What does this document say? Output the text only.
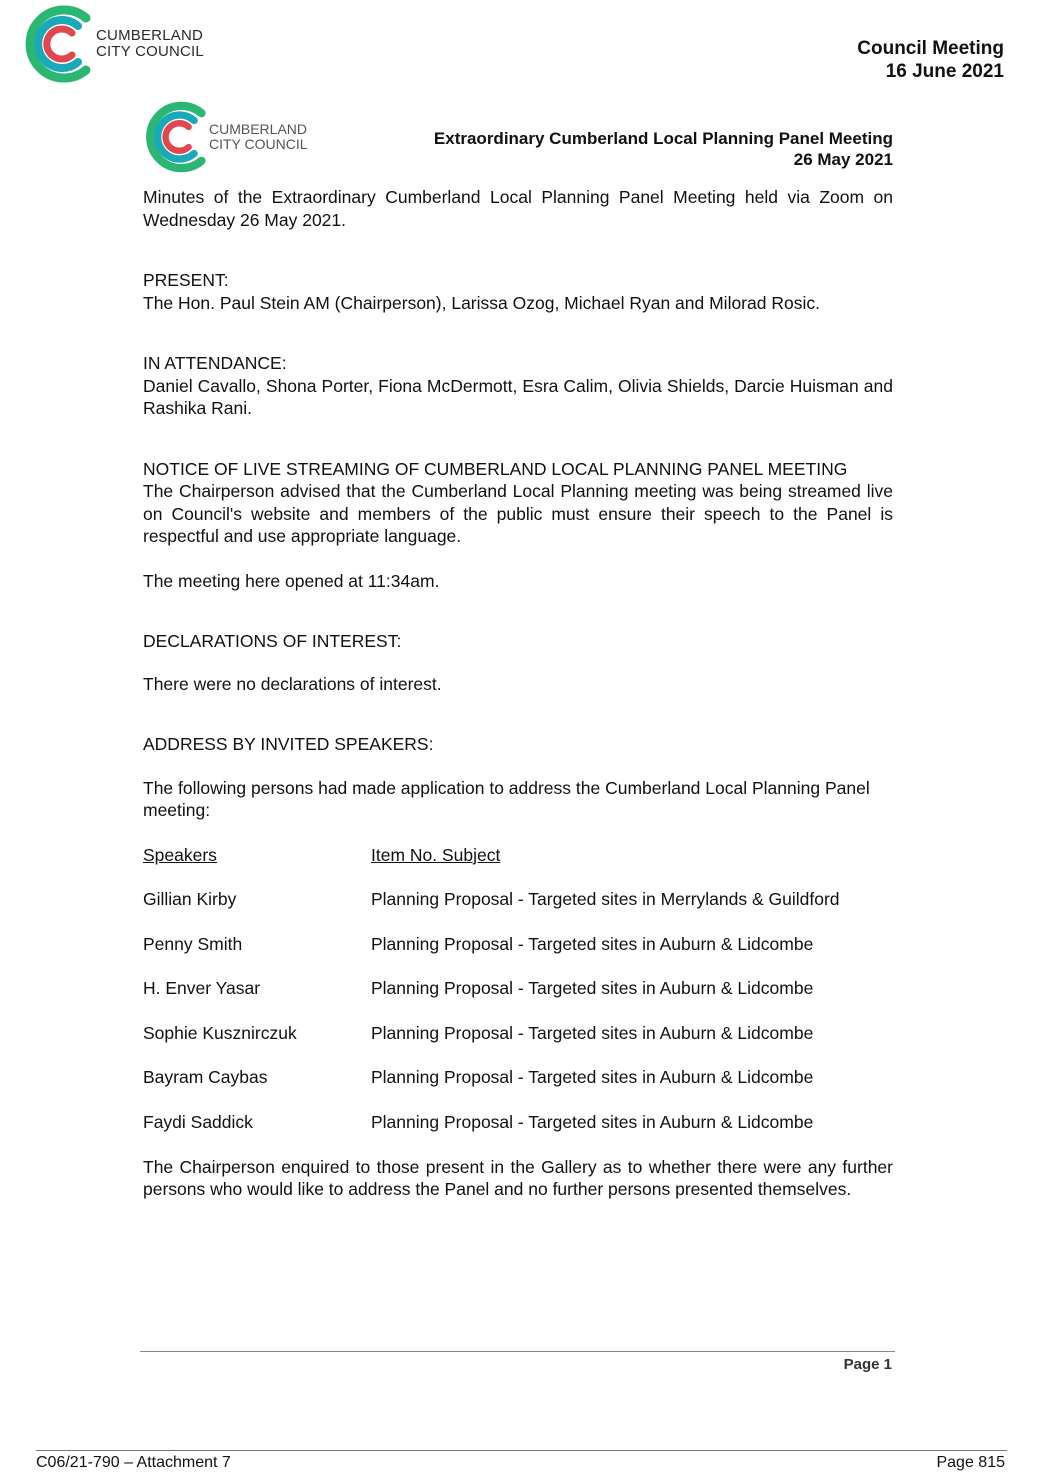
CUMBERLAND
CITY COUNCIL	Council Meeting
16 June 2021
CUMBERLAND
CITY COUNCIL	Extraordinary Cumberland Local Planning Panel Meeting
26 May 2021

Minutes of the Extraordinary Cumberland Local Planning Panel Meeting held via Zoom on Wednesday 26 May 2021.

PRESENT:

The Hon. Paul Stein AM (Chairperson), Larissa Ozog, Michael Ryan and Milorad Rosic.

IN ATTENDANCE:

Daniel Cavallo, Shona Porter, Fiona McDermott, Esra Calim, Olivia Shields, Darcie Huisman and Rashika Rani.

NOTICE OF LIVE STREAMING OF CUMBERLAND LOCAL PLANNING PANEL MEETING

The Chairperson advised that the Cumberland Local Planning meeting was being streamed live on Council's website and members of the public must ensure their speech to the Panel is respectful and use appropriate language.

The meeting here opened at 11:34am.

DECLARATIONS OF INTEREST:

There were no declarations of interest.

ADDRESS BY INVITED SPEAKERS:

The following persons had made application to address the Cumberland Local Planning Panel meeting:

Speakers	Item No. Subject
Gillian Kirby	Planning Proposal - Targeted sites in Merrylands & Guildford
Penny Smith	Planning Proposal - Targeted sites in Auburn & Lidcombe
H. Enver Yasar	Planning Proposal - Targeted sites in Auburn & Lidcombe
Sophie Kusznirczuk	Planning Proposal - Targeted sites in Auburn & Lidcombe
Bayram Caybas	Planning Proposal - Targeted sites in Auburn & Lidcombe
Faydi Saddick	Planning Proposal - Targeted sites in Auburn & Lidcombe

The Chairperson enquired to those present in the Gallery as to whether there were any further persons who would like to address the Panel and no further persons presented themselves.

Page 1
C06/21-790 – Attachment 7	Page 815
